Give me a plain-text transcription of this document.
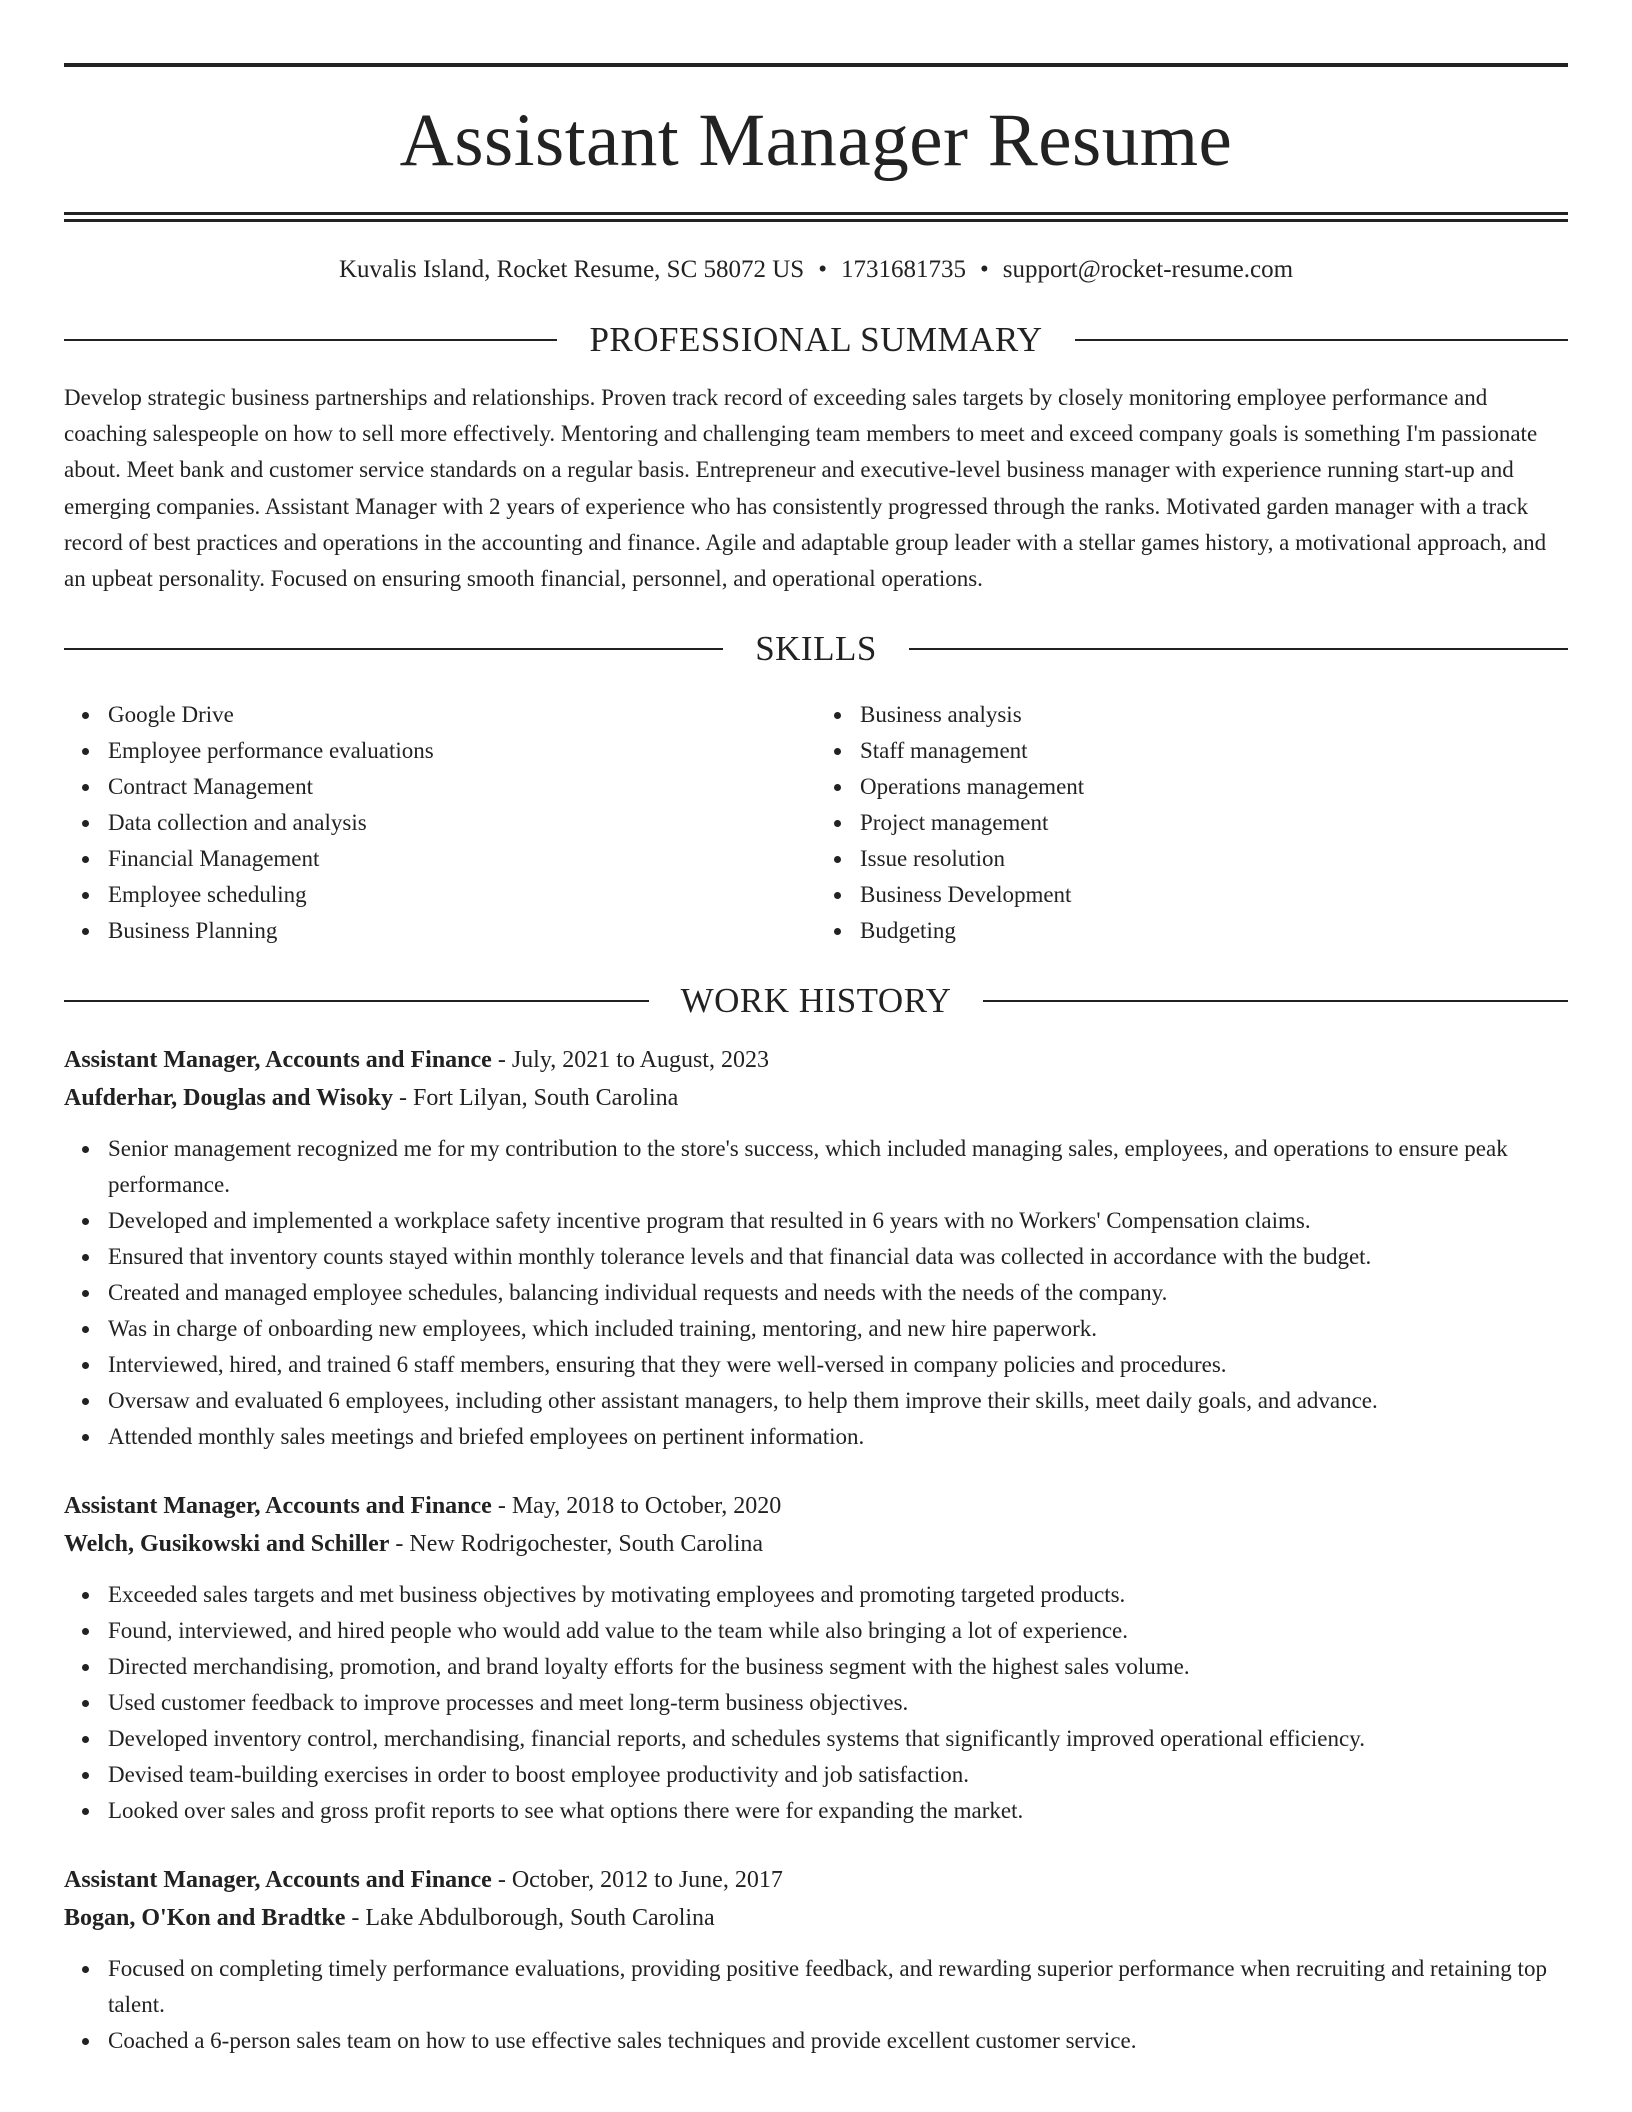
Assistant Manager Resume
Kuvalis Island, Rocket Resume, SC 58072 US • 1731681735 • support@rocket-resume.com
PROFESSIONAL SUMMARY
Develop strategic business partnerships and relationships. Proven track record of exceeding sales targets by closely monitoring employee performance and coaching salespeople on how to sell more effectively. Mentoring and challenging team members to meet and exceed company goals is something I'm passionate about. Meet bank and customer service standards on a regular basis. Entrepreneur and executive-level business manager with experience running start-up and emerging companies. Assistant Manager with 2 years of experience who has consistently progressed through the ranks. Motivated garden manager with a track record of best practices and operations in the accounting and finance. Agile and adaptable group leader with a stellar games history, a motivational approach, and an upbeat personality. Focused on ensuring smooth financial, personnel, and operational operations.
SKILLS
Google Drive
Employee performance evaluations
Contract Management
Data collection and analysis
Financial Management
Employee scheduling
Business Planning
Business analysis
Staff management
Operations management
Project management
Issue resolution
Business Development
Budgeting
WORK HISTORY
Assistant Manager, Accounts and Finance - July, 2021 to August, 2023
Aufderhar, Douglas and Wisoky - Fort Lilyan, South Carolina
Senior management recognized me for my contribution to the store's success, which included managing sales, employees, and operations to ensure peak performance.
Developed and implemented a workplace safety incentive program that resulted in 6 years with no Workers' Compensation claims.
Ensured that inventory counts stayed within monthly tolerance levels and that financial data was collected in accordance with the budget.
Created and managed employee schedules, balancing individual requests and needs with the needs of the company.
Was in charge of onboarding new employees, which included training, mentoring, and new hire paperwork.
Interviewed, hired, and trained 6 staff members, ensuring that they were well-versed in company policies and procedures.
Oversaw and evaluated 6 employees, including other assistant managers, to help them improve their skills, meet daily goals, and advance.
Attended monthly sales meetings and briefed employees on pertinent information.
Assistant Manager, Accounts and Finance - May, 2018 to October, 2020
Welch, Gusikowski and Schiller - New Rodrigochester, South Carolina
Exceeded sales targets and met business objectives by motivating employees and promoting targeted products.
Found, interviewed, and hired people who would add value to the team while also bringing a lot of experience.
Directed merchandising, promotion, and brand loyalty efforts for the business segment with the highest sales volume.
Used customer feedback to improve processes and meet long-term business objectives.
Developed inventory control, merchandising, financial reports, and schedules systems that significantly improved operational efficiency.
Devised team-building exercises in order to boost employee productivity and job satisfaction.
Looked over sales and gross profit reports to see what options there were for expanding the market.
Assistant Manager, Accounts and Finance - October, 2012 to June, 2017
Bogan, O'Kon and Bradtke - Lake Abdulborough, South Carolina
Focused on completing timely performance evaluations, providing positive feedback, and rewarding superior performance when recruiting and retaining top talent.
Coached a 6-person sales team on how to use effective sales techniques and provide excellent customer service.
